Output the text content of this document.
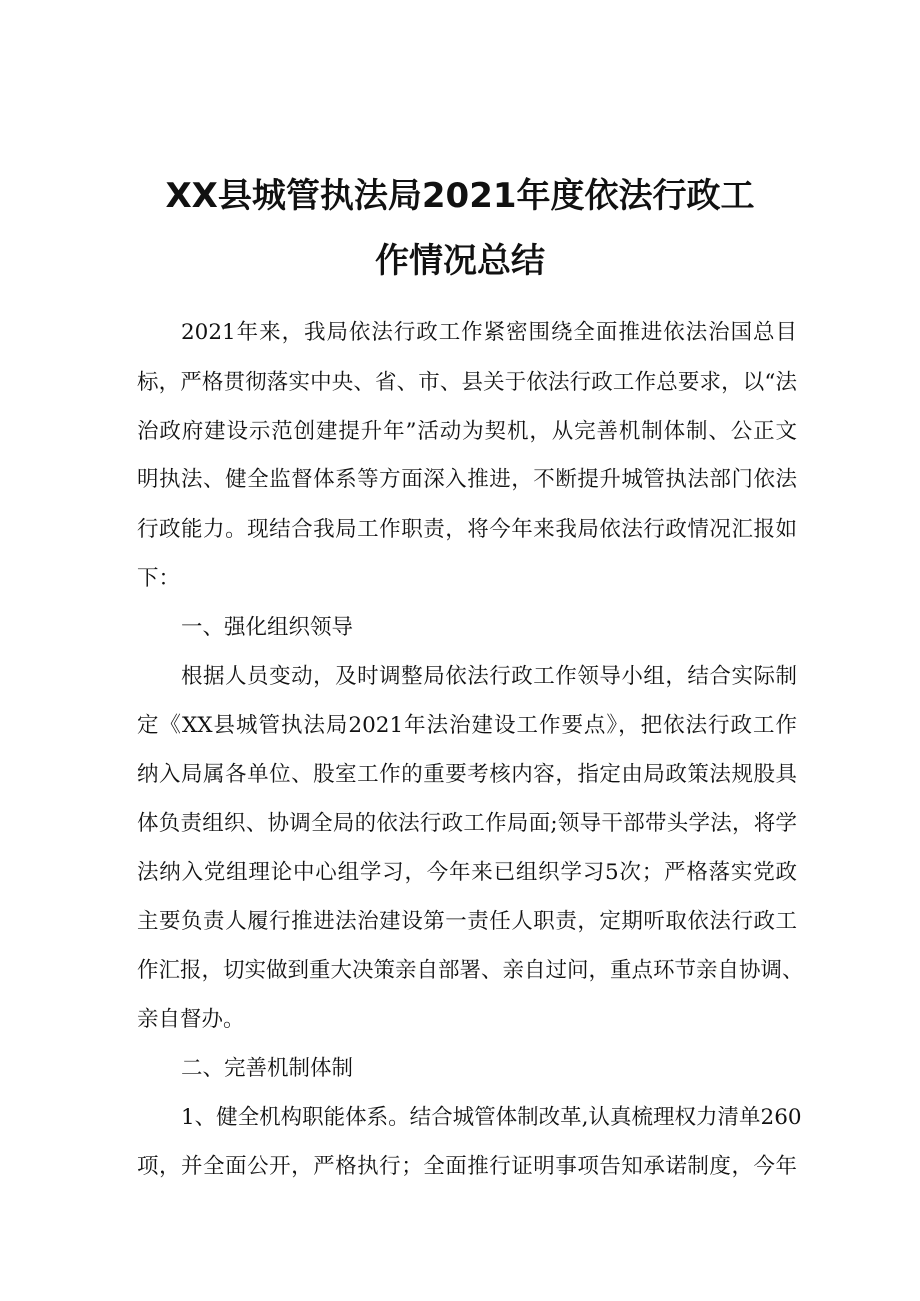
XX县城管执法局2021年度依法行政工
作情况总结
2021年来，我局依法行政工作紧密围绕全面推进依法治国总目
标，严格贯彻落实中央、省、市、县关于依法行政工作总要求，以“法
治政府建设示范创建提升年”活动为契机，从完善机制体制、公正文
明执法、健全监督体系等方面深入推进，不断提升城管执法部门依法
行政能力。现结合我局工作职责，将今年来我局依法行政情况汇报如
下：
一、强化组织领导
根据人员变动，及时调整局依法行政工作领导小组，结合实际制
定《XX县城管执法局2021年法治建设工作要点》，把依法行政工作
纳入局属各单位、股室工作的重要考核内容，指定由局政策法规股具
体负责组织、协调全局的依法行政工作局面;领导干部带头学法，将学
法纳入党组理论中心组学习，今年来已组织学习5次；严格落实党政
主要负责人履行推进法治建设第一责任人职责，定期听取依法行政工
作汇报，切实做到重大决策亲自部署、亲自过问，重点环节亲自协调、
亲自督办。
二、完善机制体制
1、健全机构职能体系。结合城管体制改革,认真梳理权力清单260
项，并全面公开，严格执行；全面推行证明事项告知承诺制度，今年
